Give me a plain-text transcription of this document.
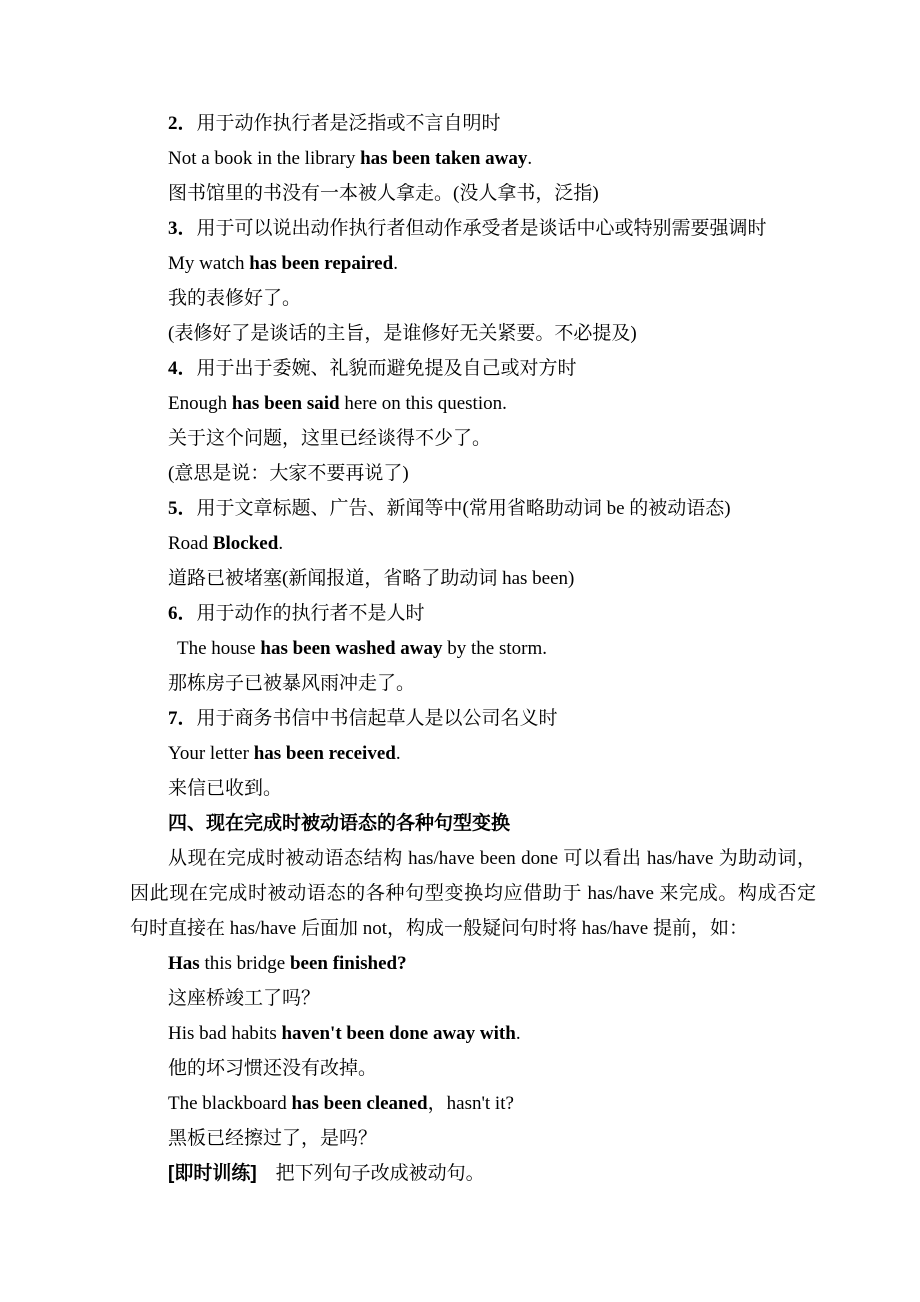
2．用于动作执行者是泛指或不言自明时
Not a book in the library has been taken away.
图书馆里的书没有一本被人拿走。(没人拿书，泛指)
3．用于可以说出动作执行者但动作承受者是谈话中心或特别需要强调时
My watch has been repaired.
我的表修好了。
(表修好了是谈话的主旨，是谁修好无关紧要。不必提及)
4．用于出于委婉、礼貌而避免提及自己或对方时
Enough has been said here on this question.
关于这个问题，这里已经谈得不少了。
(意思是说：大家不要再说了)
5．用于文章标题、广告、新闻等中(常用省略助动词 be 的被动语态)
Road Blocked.
道路已被堵塞(新闻报道，省略了助动词 has been)
6．用于动作的执行者不是人时
The house has been washed away by the storm.
那栋房子已被暴风雨冲走了。
7．用于商务书信中书信起草人是以公司名义时
Your letter has been received.
来信已收到。
四、现在完成时被动语态的各种句型变换
从现在完成时被动语态结构 has/have been done 可以看出 has/have 为助动词，
因此现在完成时被动语态的各种句型变换均应借助于 has/have 来完成。构成否定
句时直接在 has/have 后面加 not，构成一般疑问句时将 has/have 提前，如：
Has this bridge been finished?
这座桥竣工了吗？
His bad habits haven't been done away with.
他的坏习惯还没有改掉。
The blackboard has been cleaned，hasn't it?
黑板已经擦过了，是吗？
[即时训练]　把下列句子改成被动句。
